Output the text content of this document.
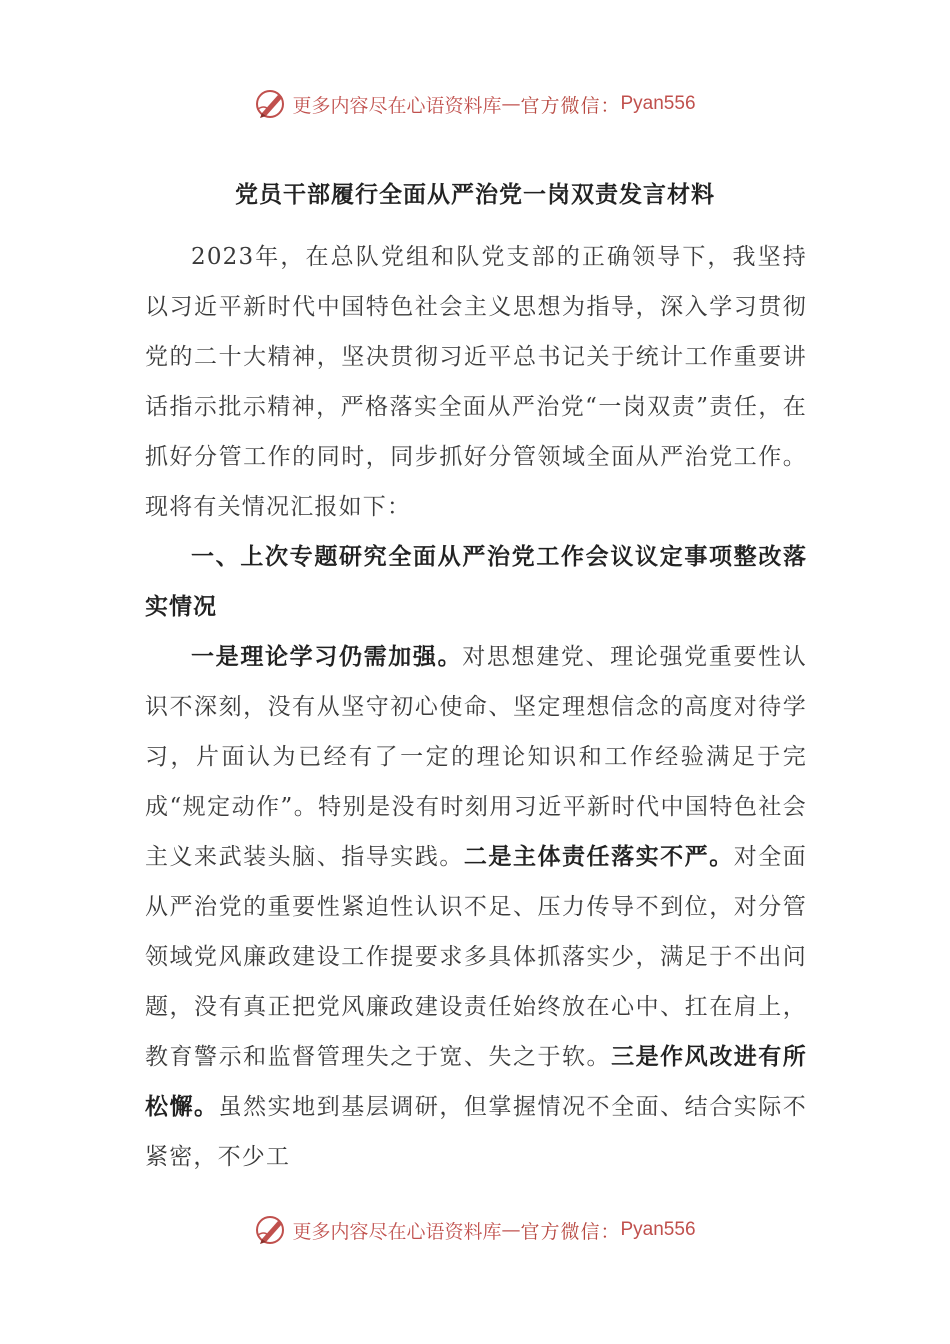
更多内容尽在心语资料库 — 官方微信： Pyan556
党员干部履行全面从严治党一岗双责发言材料

2023年，在总队党组和队党支部的正确领导下，我坚持以习近平新时代中国特色社会主义思想为指导，深入学习贯彻党的二十大精神，坚决贯彻习近平总书记关于统计工作重要讲话指示批示精神，严格落实全面从严治党“一岗双责”责任，在抓好分管工作的同时，同步抓好分管领域全面从严治党工作。现将有关情况汇报如下：

一、上次专题研究全面从严治党工作会议议定事项整改落实情况

一是理论学习仍需加强。对思想建党、理论强党重要性认识不深刻，没有从坚守初心使命、坚定理想信念的高度对待学习，片面认为已经有了一定的理论知识和工作经验满足于完成“规定动作”。特别是没有时刻用习近平新时代中国特色社会主义来武装头脑、指导实践。二是主体责任落实不严。对全面从严治党的重要性紧迫性认识不足、压力传导不到位，对分管领域党风廉政建设工作提要求多具体抓落实少，满足于不出问题，没有真正把党风廉政建设责任始终放在心中、扛在肩上，教育警示和监督管理失之于宽、失之于软。三是作风改进有所松懈。虽然实地到基层调研，但掌握情况不全面、结合实际不紧密，不少工

更多内容尽在心语资料库 — 官方微信： Pyan556
